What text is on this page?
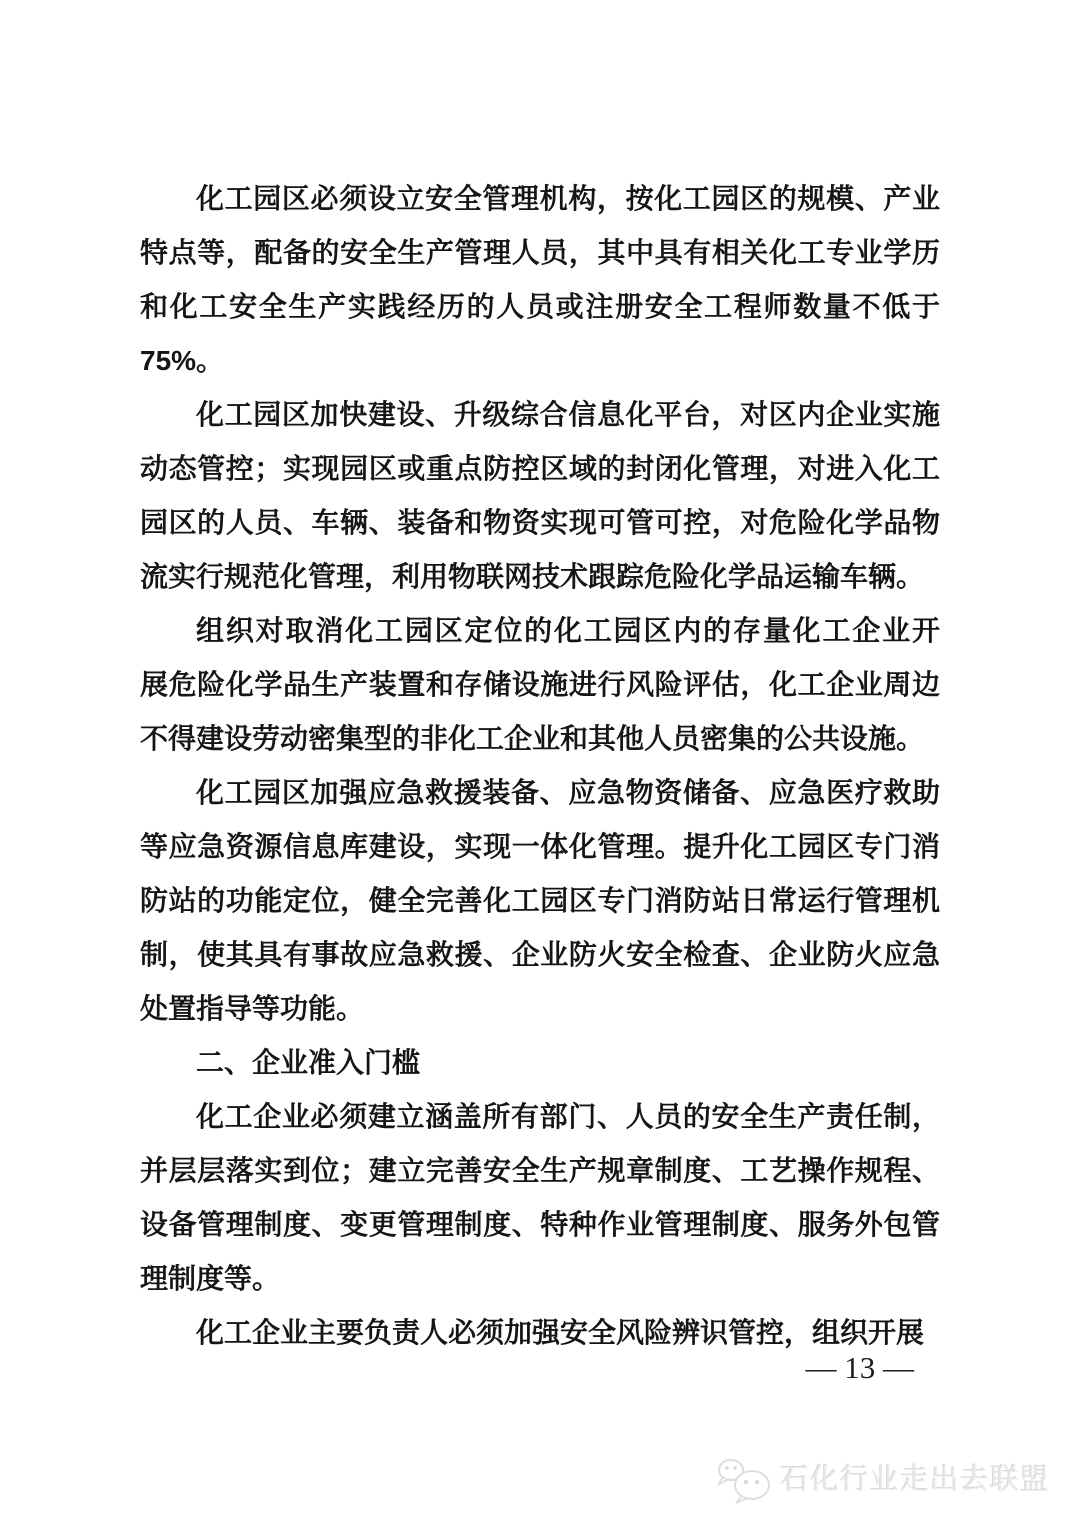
化工园区必须设立安全管理机构，按化工园区的规模、产业
特点等，配备的安全生产管理人员，其中具有相关化工专业学历
和化工安全生产实践经历的人员或注册安全工程师数量不低于
75%。
化工园区加快建设、升级综合信息化平台，对区内企业实施
动态管控；实现园区或重点防控区域的封闭化管理，对进入化工
园区的人员、车辆、装备和物资实现可管可控，对危险化学品物
流实行规范化管理，利用物联网技术跟踪危险化学品运输车辆。
组织对取消化工园区定位的化工园区内的存量化工企业开
展危险化学品生产装置和存储设施进行风险评估，化工企业周边
不得建设劳动密集型的非化工企业和其他人员密集的公共设施。
化工园区加强应急救援装备、应急物资储备、应急医疗救助
等应急资源信息库建设，实现一体化管理。提升化工园区专门消
防站的功能定位，健全完善化工园区专门消防站日常运行管理机
制，使其具有事故应急救援、企业防火安全检查、企业防火应急
处置指导等功能。
二、企业准入门槛
化工企业必须建立涵盖所有部门、人员的安全生产责任制，
并层层落实到位；建立完善安全生产规章制度、工艺操作规程、
设备管理制度、变更管理制度、特种作业管理制度、服务外包管
理制度等。
化工企业主要负责人必须加强安全风险辨识管控，组织开展
— 13 —
石化行业走出去联盟
